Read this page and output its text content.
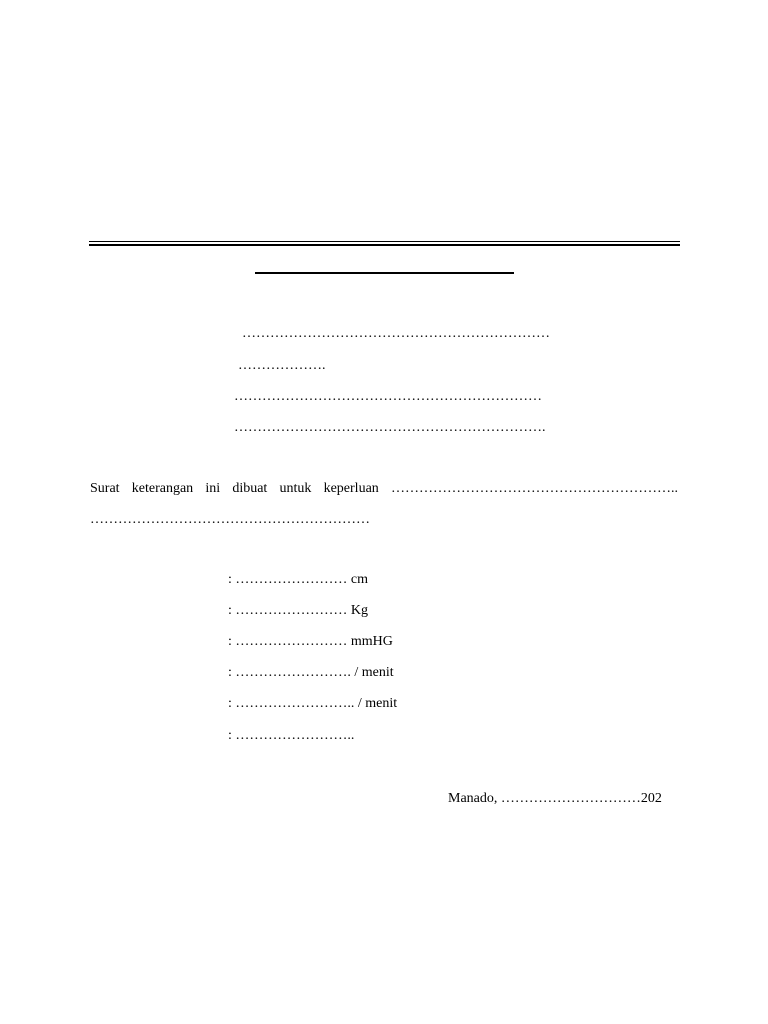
…………………………………………………………
……………….
…………………………………………………………
………………………………………………………….
Surat keterangan ini dibuat untuk keperluan ……………………………………………………..
……………………………………………………
: …………………… cm
: …………………… Kg
: …………………… mmHG
: ……………………. / menit
: …………………….. / menit
: ……………………..
Manado, …………………………202
